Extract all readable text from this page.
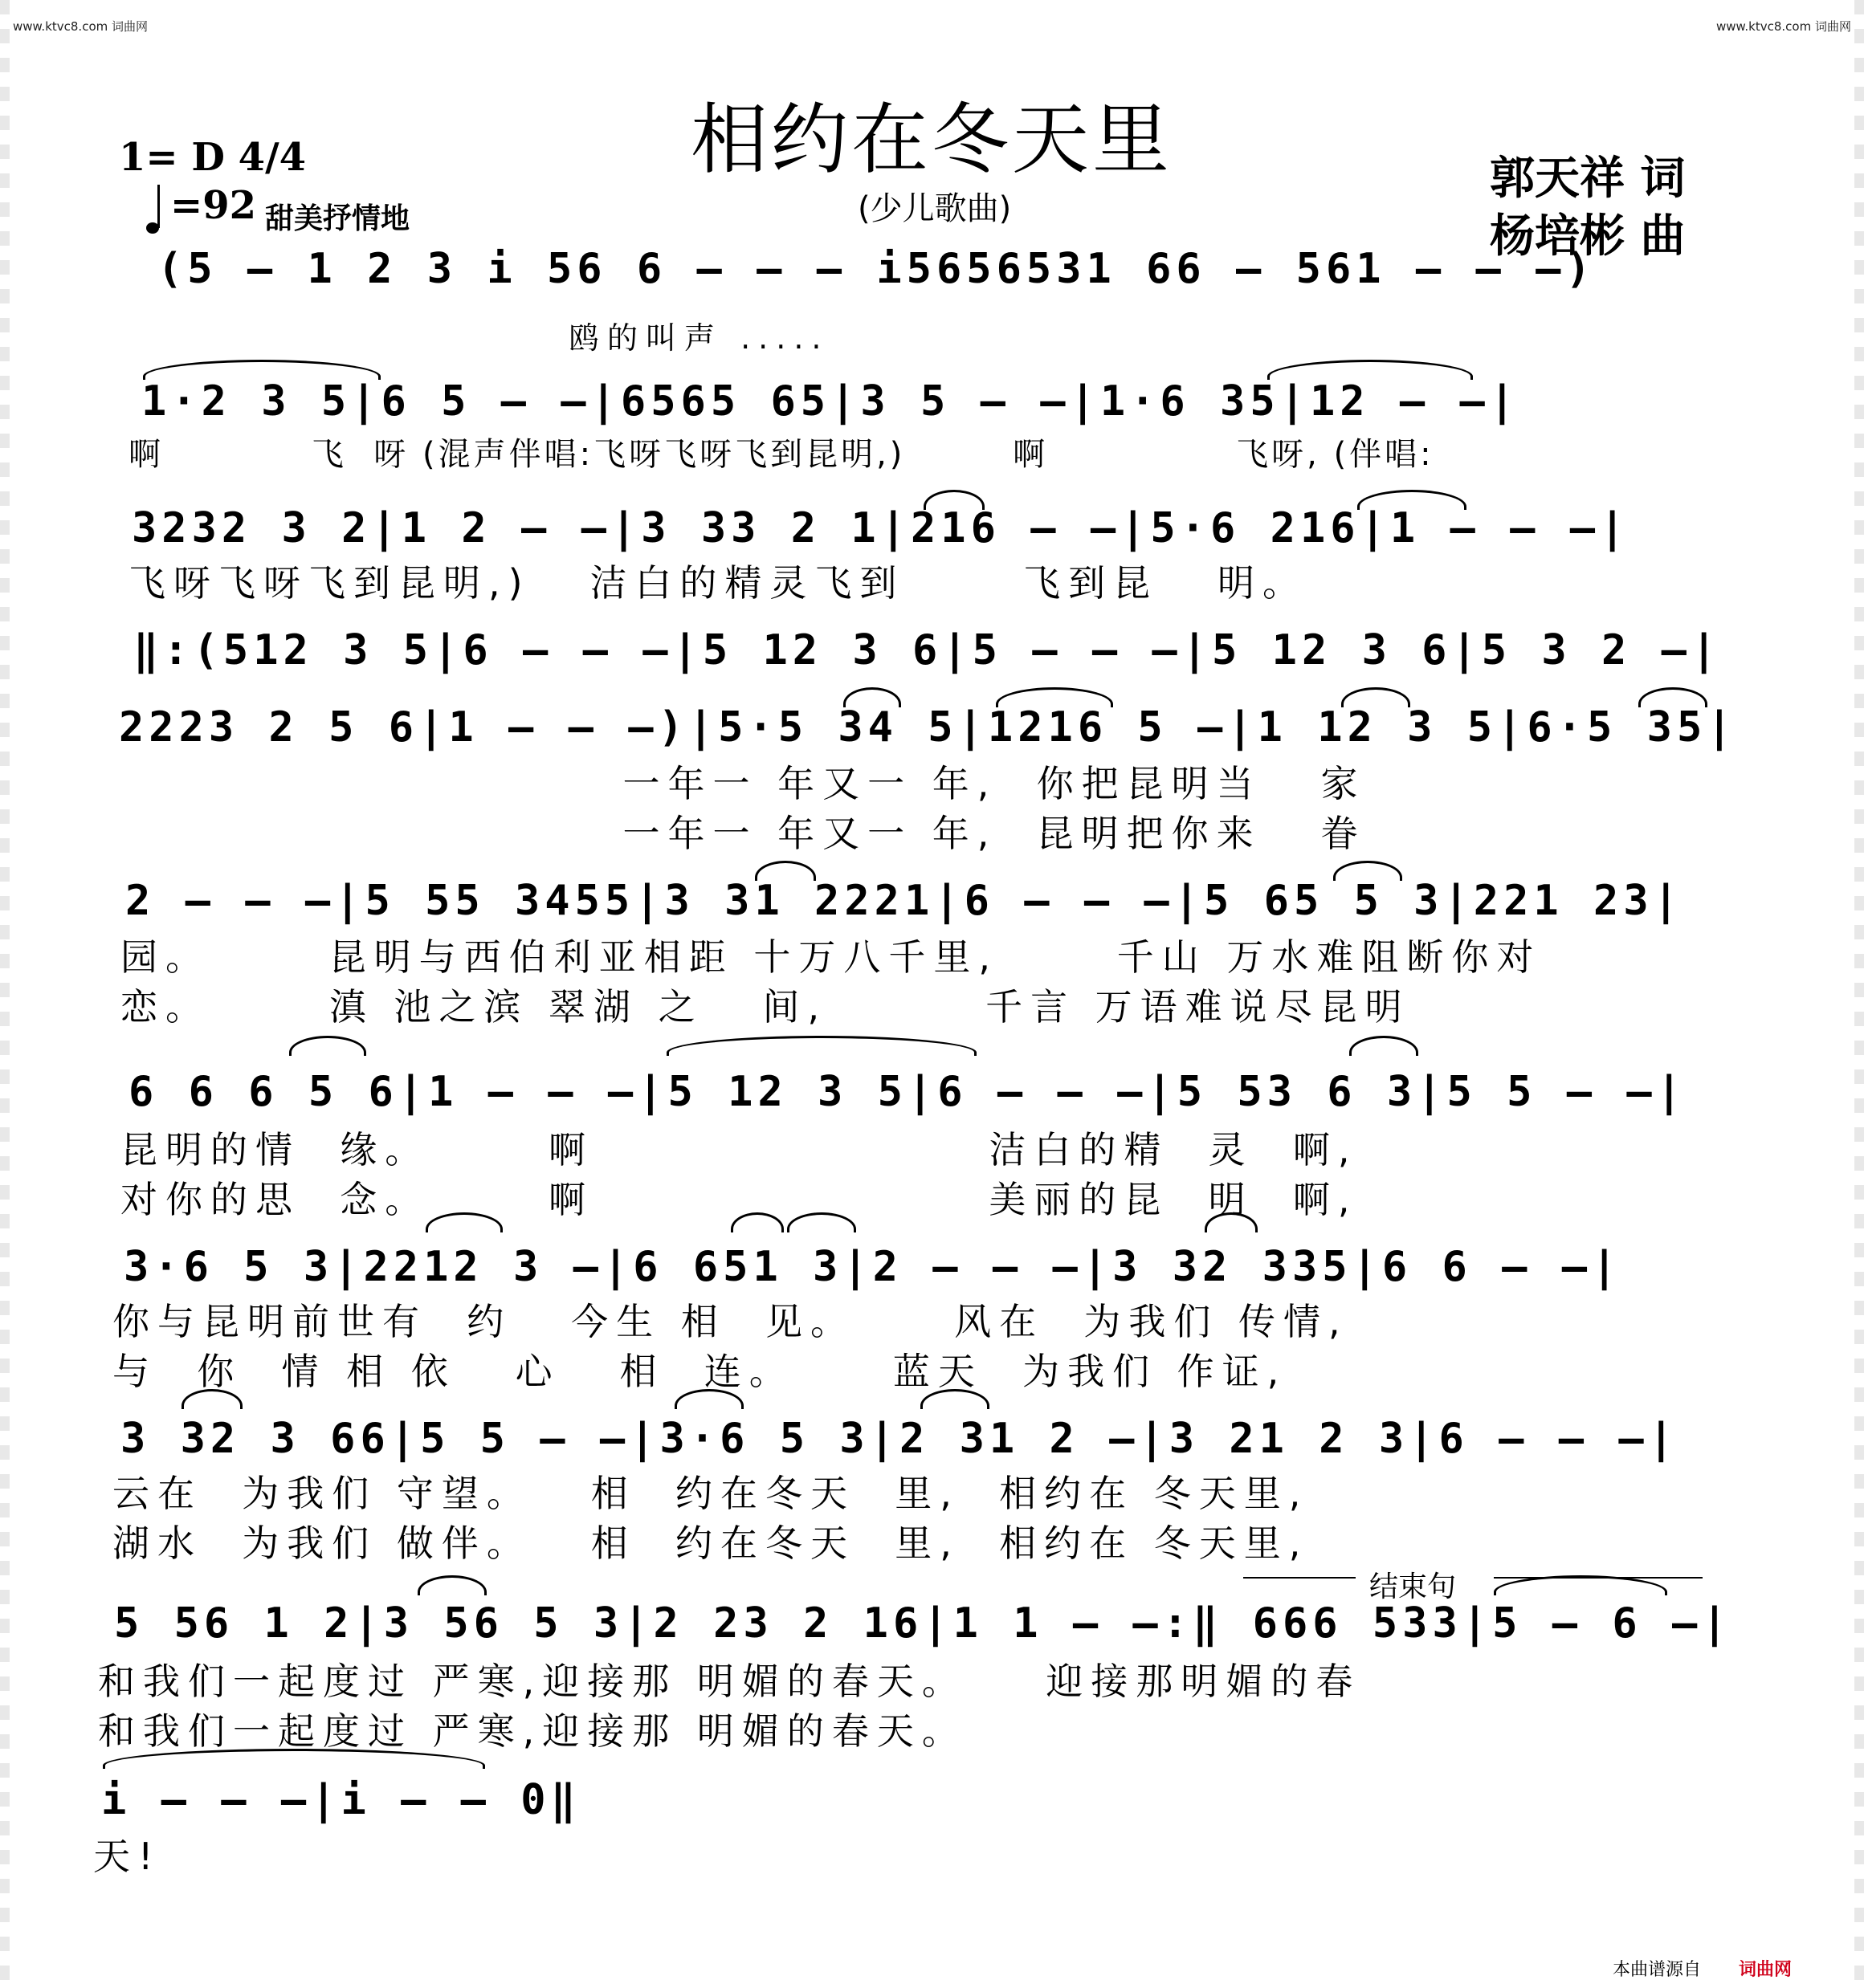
www.ktvc8.com 词曲网	www.ktvc8.com 词曲网
相约在冬天里
(少儿歌曲)
郭天祥 词
杨培彬 曲
1= D 4/4
=92 甜美抒情地
(5 — 1 2 3 i 56 6 — — — i5656531 66 — 561 — — —)
鸥的叫声 .....
1·2 3 5|6 5 — —|6565 65|3 5 — —|1·6 35|12 — —|
啊           飞  呀 (混声伴唱:飞呀飞呀飞到昆明,)        啊              飞呀, (伴唱:
3232 3 2|1 2 — —|3 33 2 1|216 — —|5·6 216|1 — — —|
飞呀飞呀飞到昆明,)   洁白的精灵飞到      飞到昆   明。
‖:(512 3 5|6 — — —|5 12 3 6|5 — — —|5 12 3 6|5 3 2 —|
2223 2 5 6|1 — — —)|5·5 34 5|1216 5 —|1 12 3 5|6·5 35|
一年一 年又一 年,  你把昆明当   家
一年一 年又一 年,  昆明把你来   眷
2 — — —|5 55 3455|3 31 2221|6 — — —|5 65 5 3|221 23|
园。      昆明与西伯利亚相距 十万八千里,      千山 万水难阻断你对
恋。      滇 池之滨 翠湖 之   间,        千言 万语难说尽昆明
6 6 6 5 6|1 — — —|5 12 3 5|6 — — —|5 53 6 3|5 5 — —|
昆明的情  缘。      啊                    洁白的精  灵  啊,
对你的思  念。      啊                    美丽的昆  明  啊,
3·6 5 3|2212 3 —|6 651 3|2 — — —|3 32 335|6 6 — —|
你与昆明前世有  约   今生 相  见。     风在  为我们 传情,
与  你  情 相 依   心   相  连。     蓝天  为我们 作证,
3 32 3 66|5 5 — —|3·6 5 3|2 31 2 —|3 21 2 3|6 — — —|
云在  为我们 守望。   相  约在冬天  里,  相约在 冬天里,
湖水  为我们 做伴。   相  约在冬天  里,  相约在 冬天里,
结束句
5 56 1 2|3 56 5 3|2 23 2 16|1 1 — —:‖ 666 533|5 — 6 —|
和我们一起度过 严寒,迎接那 明媚的春天。    迎接那明媚的春
和我们一起度过 严寒,迎接那 明媚的春天。
i — — —|i — — 0‖
天!
本曲谱源自 词曲网
